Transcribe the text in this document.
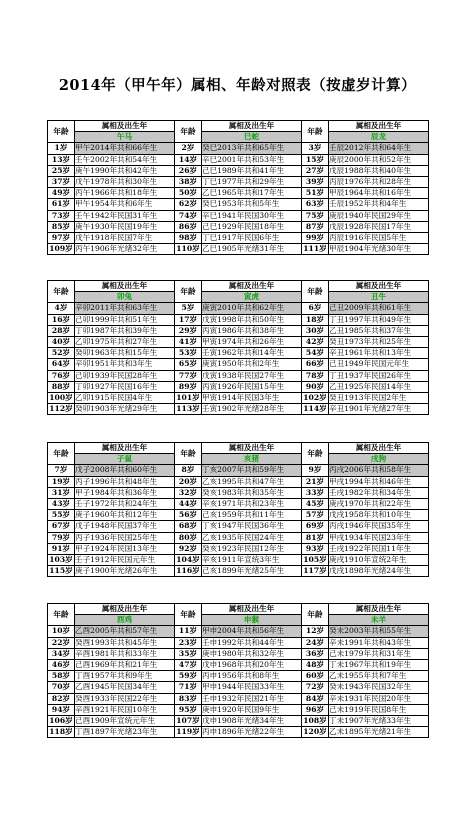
2014年（甲午年）属相、年龄对照表（按虚岁计算）
年龄	属相及出生年	年龄	属相及出生年	年龄	属相及出生年
	午马		巳蛇		辰龙
1岁	甲午2014年共和66年生	2岁	癸巳2013年共和65年生	3岁	壬辰2012年共和64年生
13岁	壬午2002年共和54年生	14岁	辛巳2001年共和53年生	15岁	庚辰2000年共和52年生
25岁	庚午1990年共和42年生	26岁	己巳1989年共和41年生	27岁	戊辰1988年共和40年生
37岁	戊午1978年共和30年生	38岁	丁巳1977年共和29年生	39岁	丙辰1976年共和28年生
49岁	丙午1966年共和18年生	50岁	乙巳1965年共和17年生	51岁	甲辰1964年共和16年生
61岁	甲午1954年共和6年生	62岁	癸巳1953年共和5年生	63岁	壬辰1952年共和4年生
73岁	壬午1942年民国31年生	74岁	辛巳1941年民国30年生	75岁	庚辰1940年民国29年生
85岁	庚午1930年民国19年生	86岁	己巳1929年民国18年生	87岁	戊辰1928年民国17年生
97岁	戊午1918年民国7年生	98岁	丁巳1917年民国6年生	99岁	丙辰1916年民国5年生
109岁	丙午1906年光绪32年生	110岁	乙巳1905年光绪31年生	111岁	甲辰1904年光绪30年生
年龄	属相及出生年	年龄	属相及出生年	年龄	属相及出生年
	卯兔		寅虎		丑牛
4岁	辛卯2011年共和63年生	5岁	庚寅2010年共和62年生	6岁	己丑2009年共和61年生
16岁	己卯1999年共和51年生	17岁	戊寅1998年共和50年生	18岁	丁丑1997年共和49年生
28岁	丁卯1987年共和39年生	29岁	丙寅1986年共和38年生	30岁	乙丑1985年共和37年生
40岁	乙卯1975年共和27年生	41岁	甲寅1974年共和26年生	42岁	癸丑1973年共和25年生
52岁	癸卯1963年共和15年生	53岁	壬寅1962年共和14年生	54岁	辛丑1961年共和13年生
64岁	辛卯1951年共和3年生	65岁	庚寅1950年共和2年生	66岁	己丑1949年民国元年生
76岁	己卯1939年民国28年生	77岁	戊寅1938年民国27年生	78岁	丁丑1937年民国26年生
88岁	丁卯1927年民国16年生	89岁	丙寅1926年民国15年生	90岁	乙丑1925年民国14年生
100岁	乙卯1915年民国4年生	101岁	甲寅1914年民国3年生	102岁	癸丑1913年民国2年生
112岁	癸卯1903年光绪29年生	113岁	壬寅1902年光绪28年生	114岁	辛丑1901年光绪27年生
年龄	属相及出生年	年龄	属相及出生年	年龄	属相及出生年
	子鼠		亥猪		戌狗
7岁	戊子2008年共和60年生	8岁	丁亥2007年共和59年生	9岁	丙戌2006年共和58年生
19岁	丙子1996年共和48年生	20岁	乙亥1995年共和47年生	21岁	甲戌1994年共和46年生
31岁	甲子1984年共和36年生	32岁	癸亥1983年共和35年生	33岁	壬戌1982年共和34年生
43岁	壬子1972年共和24年生	44岁	辛亥1971年共和23年生	45岁	庚戌1970年共和22年生
55岁	庚子1960年共和12年生	56岁	己亥1959年共和11年生	57岁	戊戌1958年共和10年生
67岁	戊子1948年民国37年生	68岁	丁亥1947年民国36年生	69岁	丙戌1946年民国35年生
79岁	丙子1936年民国25年生	80岁	乙亥1935年民国24年生	81岁	甲戌1934年民国23年生
91岁	甲子1924年民国13年生	92岁	癸亥1923年民国12年生	93岁	壬戌1922年民国11年生
103岁	壬子1912年民国元年生	104岁	辛亥1911年宣统3年生	105岁	庚戌1910年宣统2年生
115岁	庚子1900年光绪26年生	116岁	己亥1899年光绪25年生	117岁	戊戌1898年光绪24年生
年龄	属相及出生年	年龄	属相及出生年	年龄	属相及出生年
	酉鸡		申猴		未羊
10岁	乙酉2005年共和57年生	11岁	甲申2004年共和56年生	12岁	癸未2003年共和55年生
22岁	癸酉1993年共和45年生	23岁	壬申1992年共和44年生	24岁	辛未1991年共和43年生
34岁	辛酉1981年共和33年生	35岁	庚申1980年共和32年生	36岁	己未1979年共和31年生
46岁	己酉1969年共和21年生	47岁	戊申1968年共和20年生	48岁	丁未1967年共和19年生
58岁	丁酉1957年共和9年生	59岁	丙申1956年共和8年生	60岁	乙未1955年共和7年生
70岁	乙酉1945年民国34年生	71岁	甲申1944年民国33年生	72岁	癸未1943年民国32年生
82岁	癸酉1933年民国22年生	83岁	壬申1932年民国21年生	84岁	辛未1931年民国20年生
94岁	辛酉1921年民国10年生	95岁	庚申1920年民国9年生	96岁	己未1919年民国8年生
106岁	己酉1909年宣统元年生	107岁	戊申1908年光绪34年生	108岁	丁未1907年光绪33年生
118岁	丁酉1897年光绪23年生	119岁	丙申1896年光绪22年生	120岁	乙未1895年光绪21年生
